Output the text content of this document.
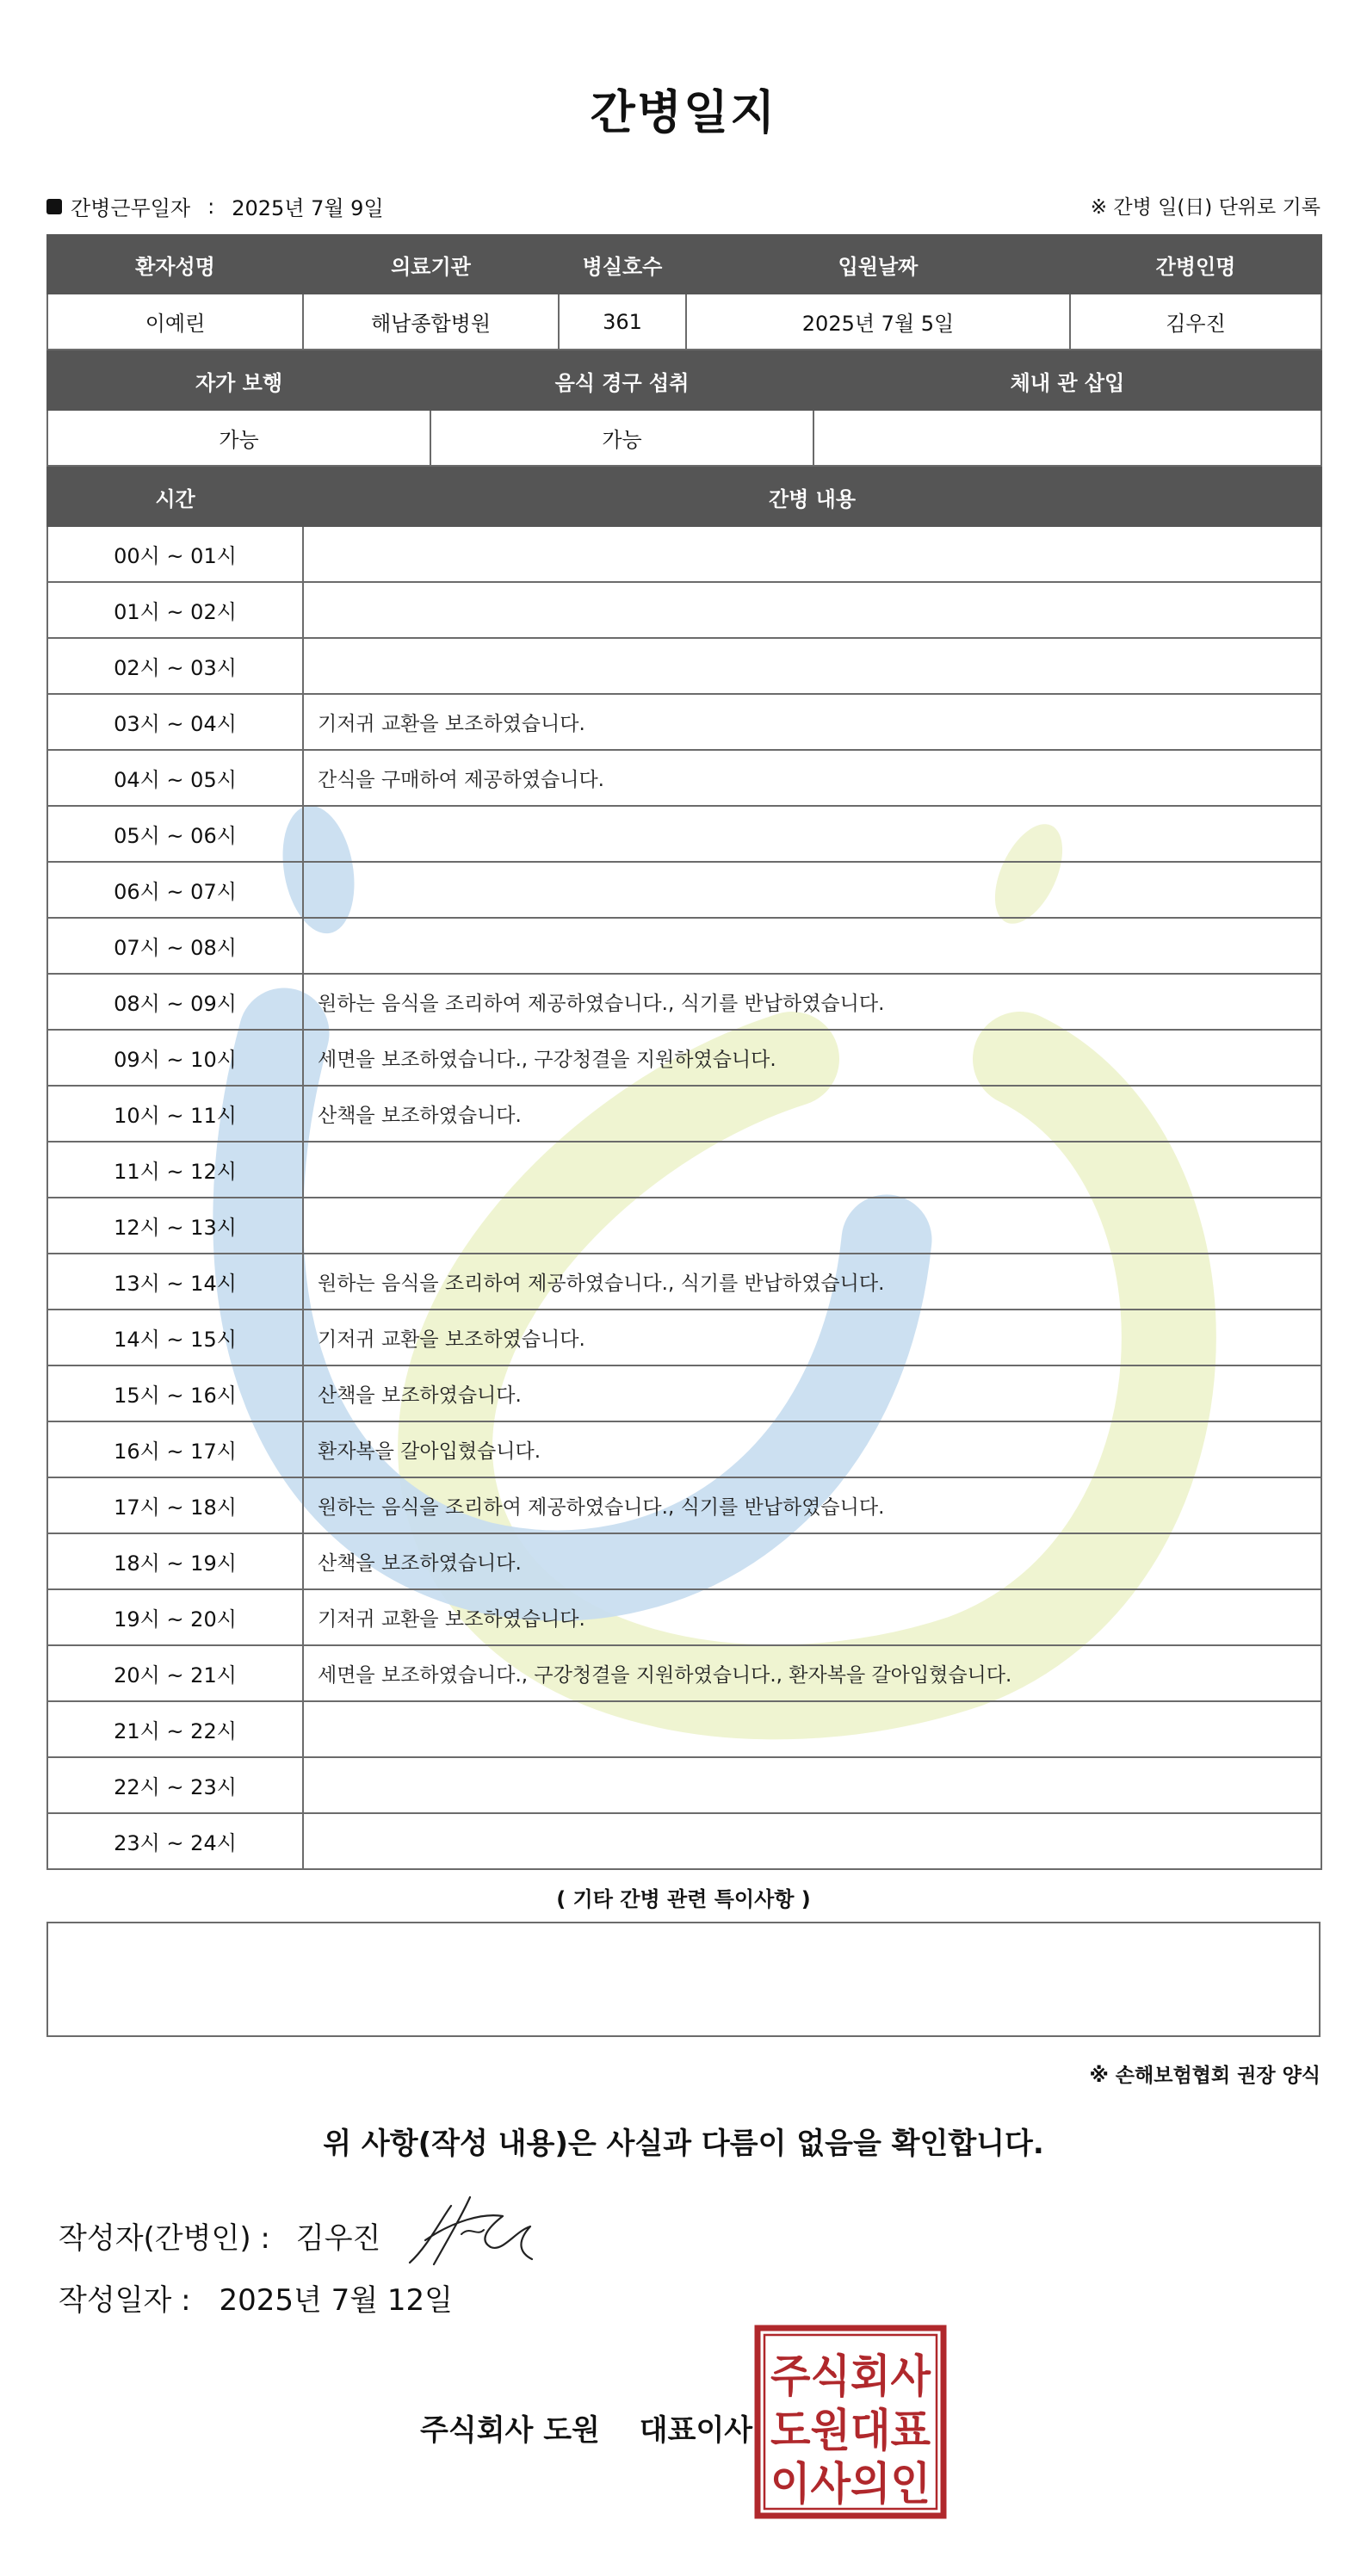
간병일지
간병근무일자 : 2025년 7월 9일	※ 간병 일(日) 단위로 기록
환자성명	의료기관	병실호수	입원날짜	간병인명
이예린	해남종합병원	361	2025년 7월 5일	김우진
자가 보행	음식 경구 섭취	체내 관 삽입
가능	가능	
시간	간병 내용
00시 ~ 01시	
01시 ~ 02시	
02시 ~ 03시	
03시 ~ 04시	기저귀 교환을 보조하였습니다.
04시 ~ 05시	간식을 구매하여 제공하였습니다.
05시 ~ 06시	
06시 ~ 07시	
07시 ~ 08시	
08시 ~ 09시	원하는 음식을 조리하여 제공하였습니다., 식기를 반납하였습니다.
09시 ~ 10시	세면을 보조하였습니다., 구강청결을 지원하였습니다.
10시 ~ 11시	산책을 보조하였습니다.
11시 ~ 12시	
12시 ~ 13시	
13시 ~ 14시	원하는 음식을 조리하여 제공하였습니다., 식기를 반납하였습니다.
14시 ~ 15시	기저귀 교환을 보조하였습니다.
15시 ~ 16시	산책을 보조하였습니다.
16시 ~ 17시	환자복을 갈아입혔습니다.
17시 ~ 18시	원하는 음식을 조리하여 제공하였습니다., 식기를 반납하였습니다.
18시 ~ 19시	산책을 보조하였습니다.
19시 ~ 20시	기저귀 교환을 보조하였습니다.
20시 ~ 21시	세면을 보조하였습니다., 구강청결을 지원하였습니다., 환자복을 갈아입혔습니다.
21시 ~ 22시	
22시 ~ 23시	
23시 ~ 24시	
( 기타 간병 관련 특이사항 )
※ 손해보험협회 권장 양식
위 사항(작성 내용)은 사실과 다름이 없음을 확인합니다.
작성자(간병인) : 김우진
작성일자 : 2025년 7월 12일
주식회사 도원 대표이사
주식회사
도원대표
이사의인
